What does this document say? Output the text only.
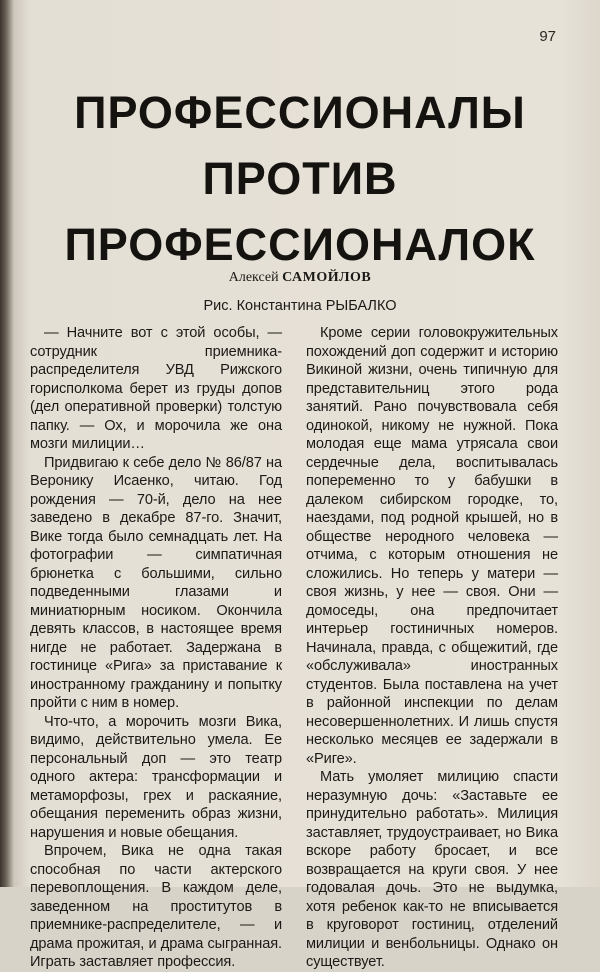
97
ПРОФЕССИОНАЛЫ
ПРОТИВ
ПРОФЕССИОНАЛОК
Алексей САМОЙЛОВ
Рис. Константина РЫБАЛКО

— Начните вот с этой особы, — сотрудник приемника-распределителя УВД Рижского горисполкома берет из груды допов (дел оперативной проверки) толстую папку. — Ох, и морочила же она мозги милиции…

Придвигаю к себе дело № 86/87 на Веронику Исаенко, читаю. Год рождения — 70-й, дело на нее заведено в декабре 87-го. Значит, Вике тогда было семнадцать лет. На фотографии — симпатичная брюнетка с большими, сильно подведенными глазами и миниатюрным носиком. Окончила девять классов, в настоящее время нигде не работает. Задержана в гостинице «Рига» за приставание к иностранному гражданину и попытку пройти с ним в номер.

Что-что, а морочить мозги Вика, видимо, действительно умела. Ее персональный доп — это театр одного актера: трансформации и метаморфозы, грех и раскаяние, обещания переменить образ жизни, нарушения и новые обещания.

Впрочем, Вика не одна такая способная по части актерского перевоплощения. В каждом деле, заведенном на проститутов в приемнике-распределителе, — и драма прожитая, и драма сыгранная. Играть заставляет профессия.

Кроме серии головокружительных похождений доп содержит и историю Викиной жизни, очень типичную для представительниц этого рода занятий. Рано почувствовала себя одинокой, никому не нужной. Пока молодая еще мама утрясала свои сердечные дела, воспитывалась попеременно то у бабушки в далеком сибирском городке, то, наездами, под родной крышей, но в обществе неродного человека — отчима, с которым отношения не сложились. Но теперь у матери — своя жизнь, у нее — своя. Они — домоседы, она предпочитает интерьер гостиничных номеров. Начинала, правда, с общежитий, где «обслуживала» иностранных студентов. Была поставлена на учет в районной инспекции по делам несовершеннолетних. И лишь спустя несколько месяцев ее задержали в «Риге».

Мать умоляет милицию спасти неразумную дочь: «Заставьте ее принудительно работать». Милиция заставляет, трудоустраивает, но Вика вскоре работу бросает, и все возвращается на круги своя. У нее годовалая дочь. Это не выдумка, хотя ребенок как-то не вписывается в круговорот гостиниц, отделений милиции и венбольницы. Однако он существует.
